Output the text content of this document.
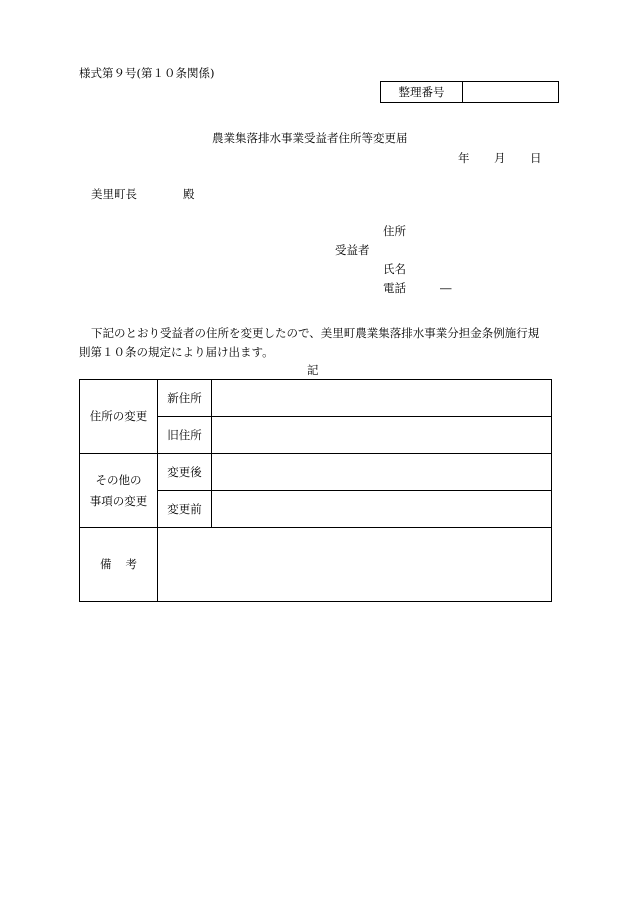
様式第９号(第１０条関係)
整理番号
農業集落排水事業受益者住所等変更届
年 月 日
美里町長	殿
住所
受益者
氏名
電話	―
下記のとおり受益者の住所を変更したので、美里町農業集落排水事業分担金条例施行規
則第１０条の規定により届け出ます。
記
住所の変更	新住所	
	旧住所	
その他の
事項の変更	変更後	
	変更前	
備考		
